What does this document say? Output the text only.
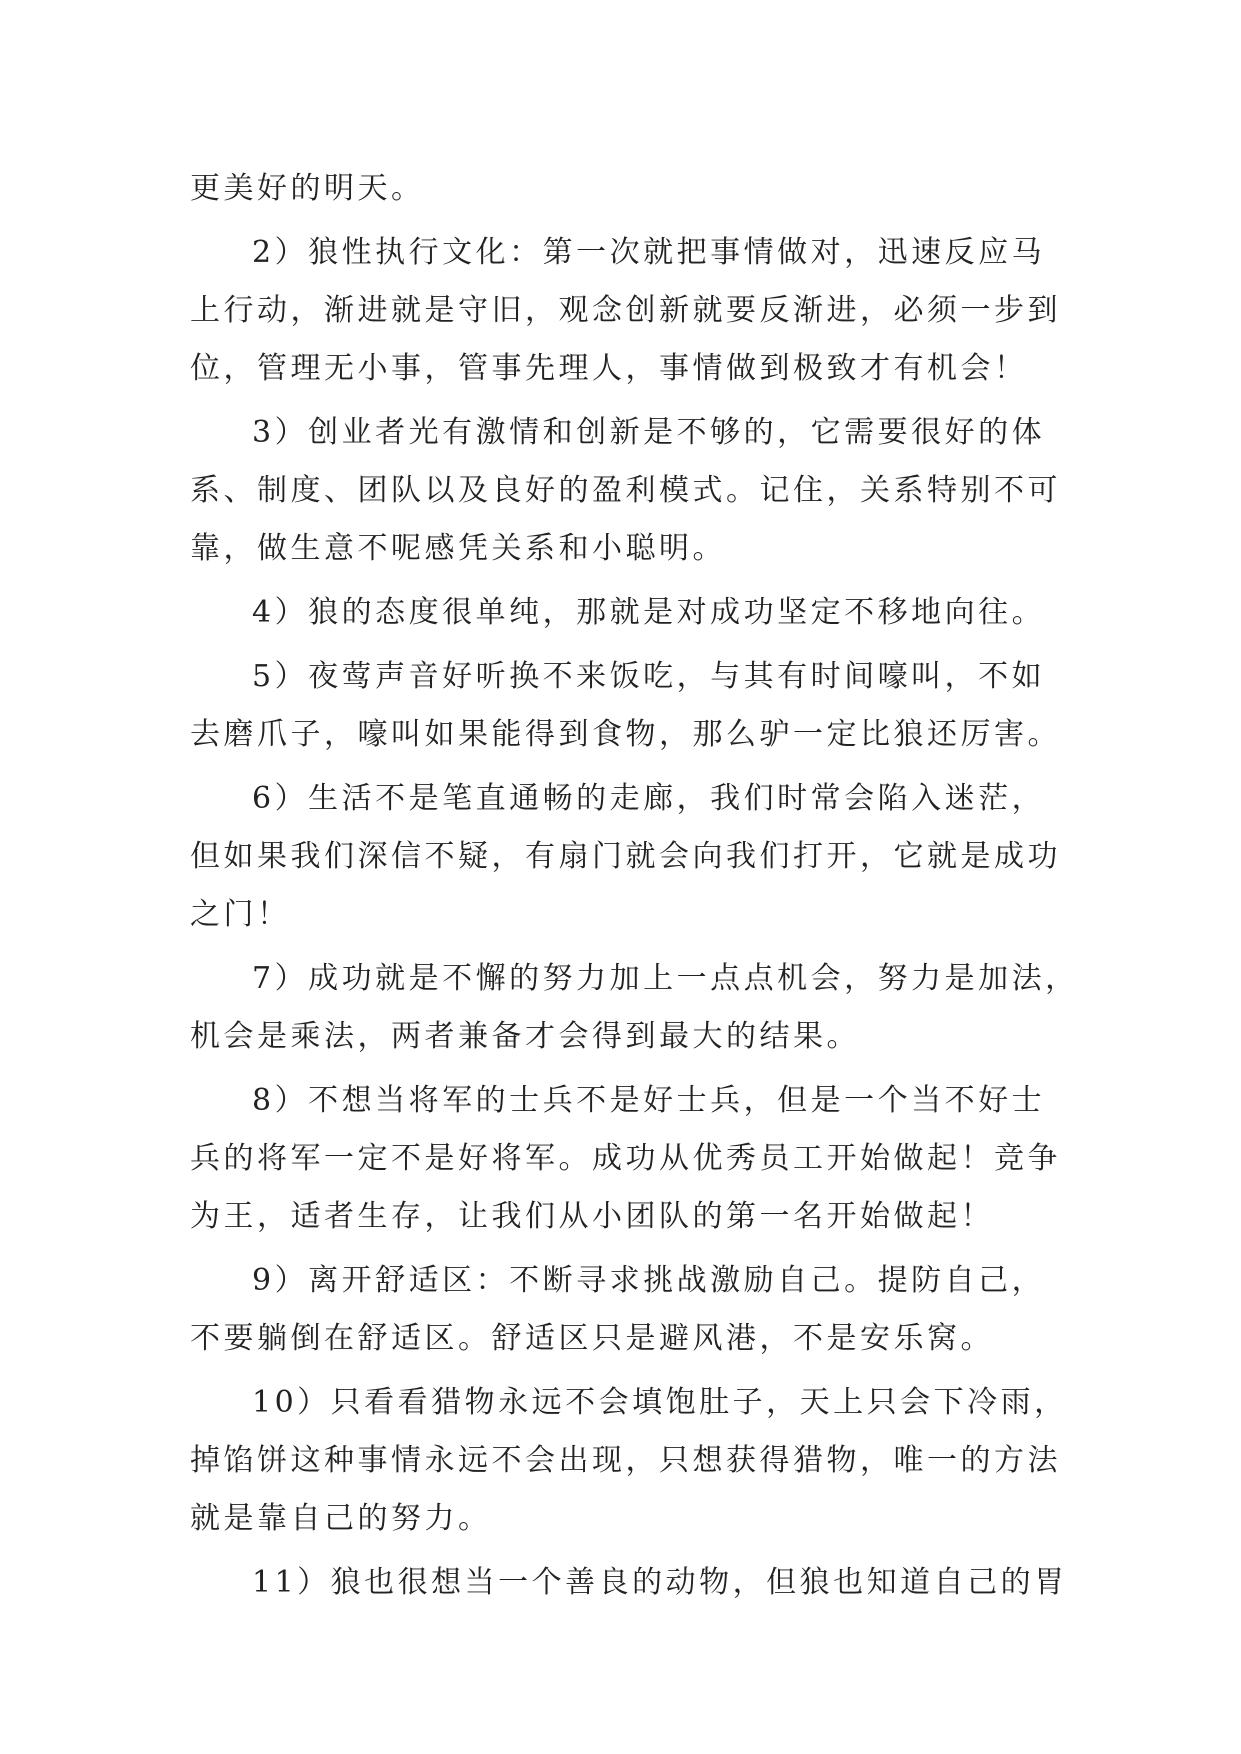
更美好的明天。
2）狼性执行文化：第一次就把事情做对，迅速反应马
上行动，渐进就是守旧，观念创新就要反渐进，必须一步到
位，管理无小事，管事先理人，事情做到极致才有机会！
3）创业者光有激情和创新是不够的，它需要很好的体
系、制度、团队以及良好的盈利模式。记住，关系特别不可
靠，做生意不呢感凭关系和小聪明。
4）狼的态度很单纯，那就是对成功坚定不移地向往。
5）夜莺声音好听换不来饭吃，与其有时间嚎叫，不如
去磨爪子，嚎叫如果能得到食物，那么驴一定比狼还厉害。
6）生活不是笔直通畅的走廊，我们时常会陷入迷茫，
但如果我们深信不疑，有扇门就会向我们打开，它就是成功
之门！
7）成功就是不懈的努力加上一点点机会，努力是加法，
机会是乘法，两者兼备才会得到最大的结果。
8）不想当将军的士兵不是好士兵，但是一个当不好士
兵的将军一定不是好将军。成功从优秀员工开始做起！竞争
为王，适者生存，让我们从小团队的第一名开始做起！
9）离开舒适区：不断寻求挑战激励自己。提防自己，
不要躺倒在舒适区。舒适区只是避风港，不是安乐窝。
10）只看看猎物永远不会填饱肚子，天上只会下冷雨，
掉馅饼这种事情永远不会出现，只想获得猎物，唯一的方法
就是靠自己的努力。
11）狼也很想当一个善良的动物，但狼也知道自己的胃
